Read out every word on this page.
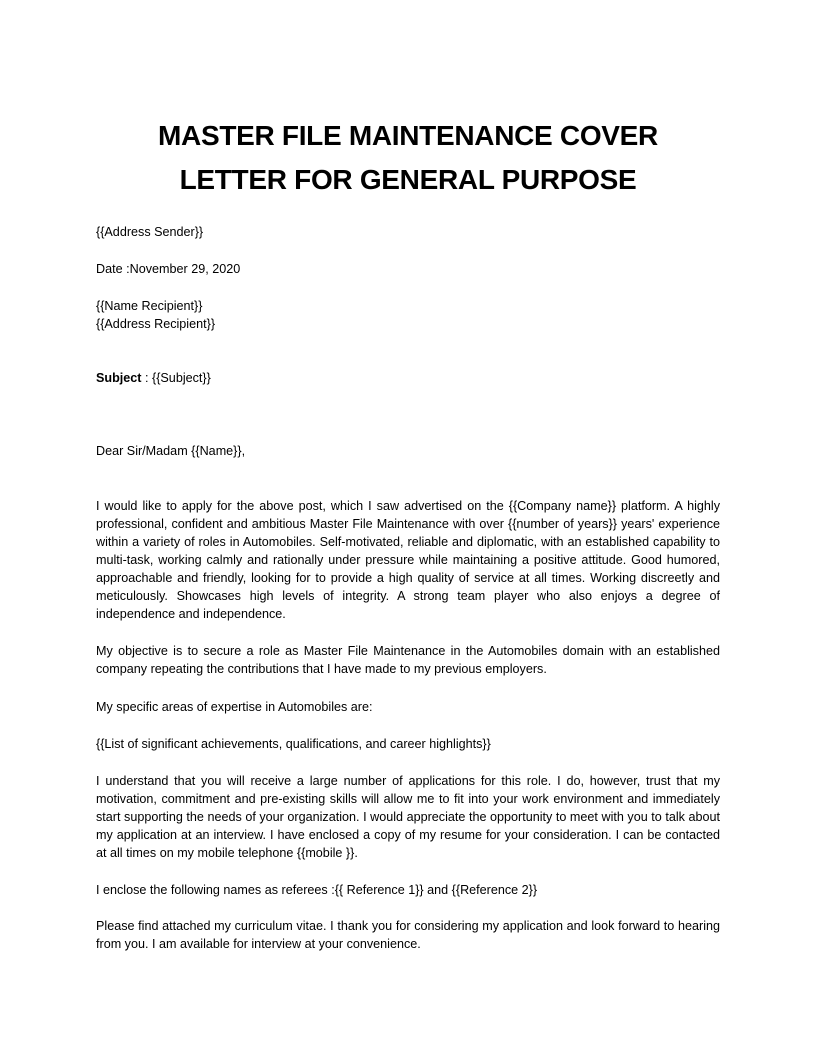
MASTER FILE MAINTENANCE COVER
LETTER FOR GENERAL PURPOSE

{{Address Sender}}

Date :November 29, 2020

{{Name Recipient}}

{{Address Recipient}}

Subject : {{Subject}}

Dear Sir/Madam {{Name}},

I would like to apply for the above post, which I saw advertised on the {{Company name}} platform. A highly professional, confident and ambitious Master File Maintenance with over {{number of years}} years' experience within a variety of roles in Automobiles. Self-motivated, reliable and diplomatic, with an established capability to multi-task, working calmly and rationally under pressure while maintaining a positive attitude. Good humored, approachable and friendly, looking for to provide a high quality of service at all times. Working discreetly and meticulously. Showcases high levels of integrity. A strong team player who also enjoys a degree of independence and independence.

My objective is to secure a role as Master File Maintenance in the Automobiles domain with an established company repeating the contributions that I have made to my previous employers.

My specific areas of expertise in Automobiles are:

{{List of significant achievements, qualifications, and career highlights}}

I understand that you will receive a large number of applications for this role. I do, however, trust that my motivation, commitment and pre-existing skills will allow me to fit into your work environment and immediately start supporting the needs of your organization. I would appreciate the opportunity to meet with you to talk about my application at an interview. I have enclosed a copy of my resume for your consideration. I can be contacted at all times on my mobile telephone {{mobile }}.

I enclose the following names as referees :{{ Reference 1}} and {{Reference 2}}

Please find attached my curriculum vitae. I thank you for considering my application and look forward to hearing from you. I am available for interview at your convenience.
